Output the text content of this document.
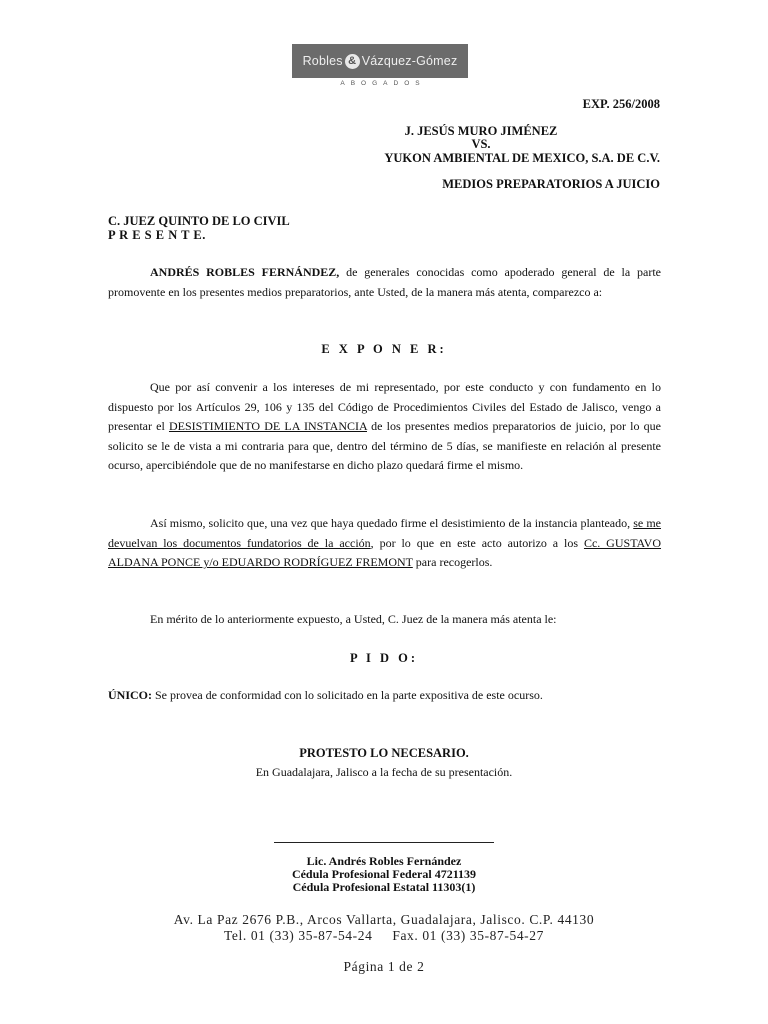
Robles & Vázquez-Gómez
ABOGADOS

EXP. 256/2008

J. JESÚS MURO JIMÉNEZ

VS.

YUKON AMBIENTAL DE MEXICO, S.A. DE C.V.

MEDIOS PREPARATORIOS A JUICIO

C. JUEZ QUINTO DE LO CIVIL

P R E S E N T E.

ANDRÉS ROBLES FERNÁNDEZ, de generales conocidas como apoderado general de la parte promovente en los presentes medios preparatorios, ante Usted, de la manera más atenta, comparezco a:

E X P O N E R:

Que por así convenir a los intereses de mi representado, por este conducto y con fundamento en lo dispuesto por los Artículos 29, 106 y 135 del Código de Procedimientos Civiles del Estado de Jalisco, vengo a presentar el DESISTIMIENTO DE LA INSTANCIA de los presentes medios preparatorios de juicio, por lo que solicito se le de vista a mi contraria para que, dentro del término de 5 días, se manifieste en relación al presente ocurso, apercibiéndole que de no manifestarse en dicho plazo quedará firme el mismo.

Así mismo, solicito que, una vez que haya quedado firme el desistimiento de la instancia planteado, se me devuelvan los documentos fundatorios de la acción, por lo que en este acto autorizo a los Cc. GUSTAVO ALDANA PONCE y/o EDUARDO RODRÍGUEZ FREMONT para recogerlos.

En mérito de lo anteriormente expuesto, a Usted, C. Juez de la manera más atenta le:

P I D O:

ÚNICO: Se provea de conformidad con lo solicitado en la parte expositiva de este ocurso.

PROTESTO LO NECESARIO.

En Guadalajara, Jalisco a la fecha de su presentación.

Lic. Andrés Robles Fernández

Cédula Profesional Federal 4721139

Cédula Profesional Estatal 11303(1)

Av. La Paz 2676 P.B., Arcos Vallarta, Guadalajara, Jalisco. C.P. 44130

Tel. 01 (33) 35-87-54-24     Fax. 01 (33) 35-87-54-27

Página 1 de 2
